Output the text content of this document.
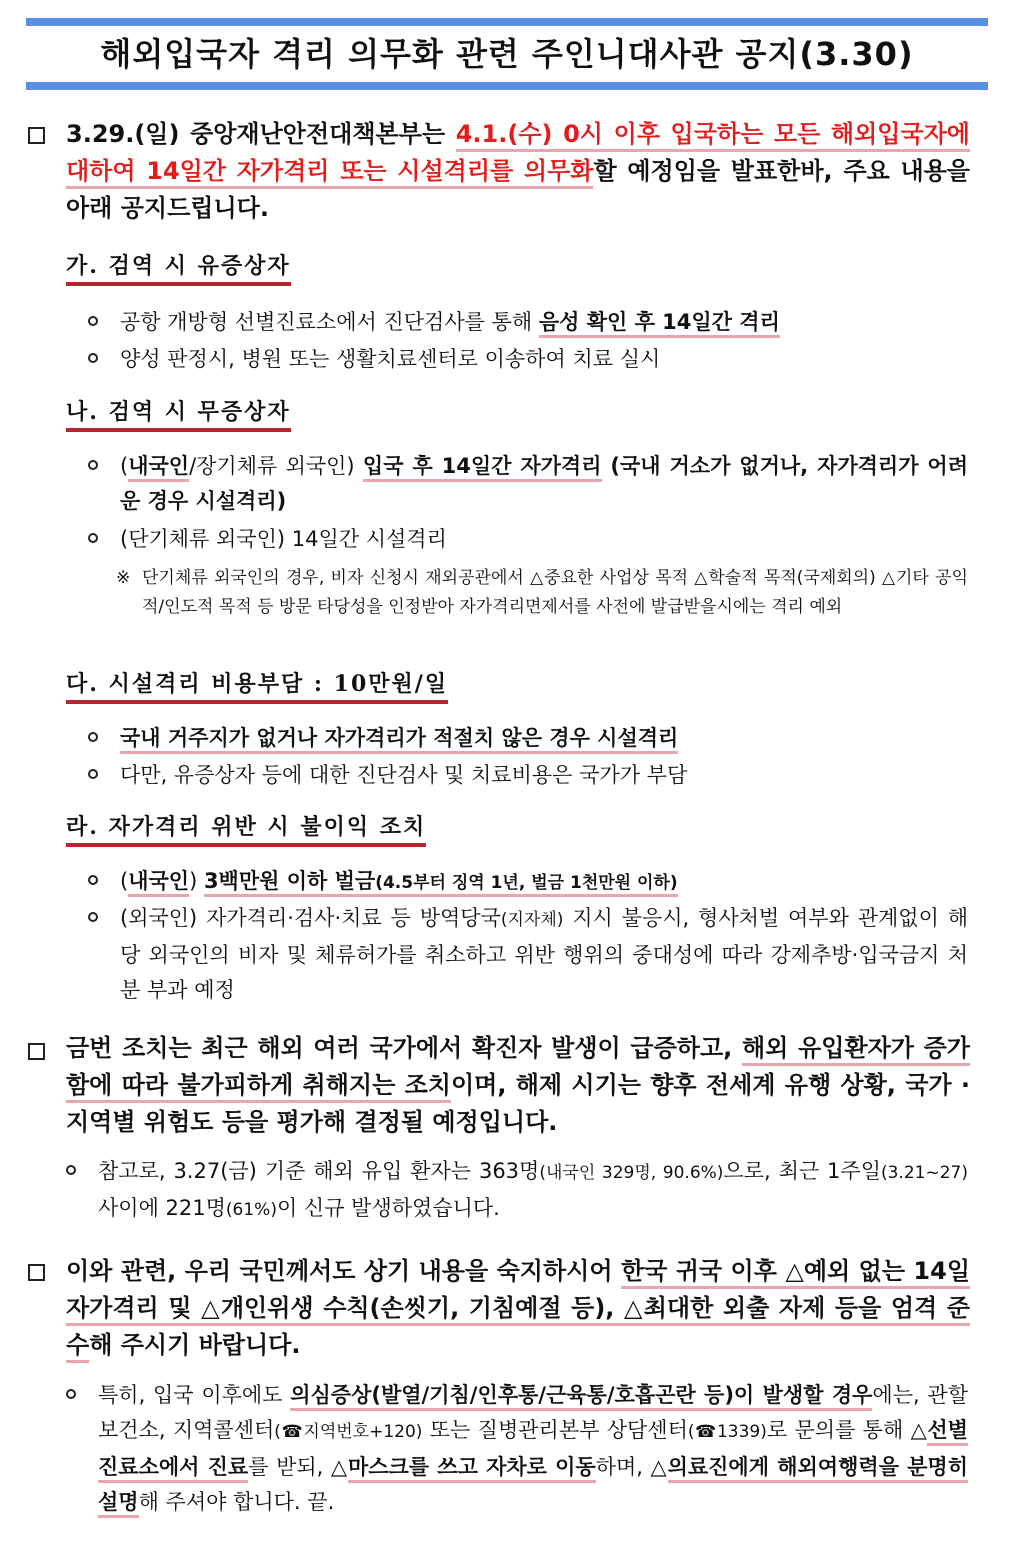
해외입국자 격리 의무화 관련 주인니대사관 공지(3.30)
3.29.(일) 중앙재난안전대책본부는 4.1.(수) 0시 이후 입국하는 모든 해외입국자에 대하여 14일간 자가격리 또는 시설격리를 의무화할 예정임을 발표한바, 주요 내용을 아래 공지드립니다.
가. 검역 시 유증상자
공항 개방형 선별진료소에서 진단검사를 통해 음성 확인 후 14일간 격리
양성 판정시, 병원 또는 생활치료센터로 이송하여 치료 실시
나. 검역 시 무증상자
(내국인/장기체류 외국인) 입국 후 14일간 자가격리 (국내 거소가 없거나, 자가격리가 어려운 경우 시설격리)
(단기체류 외국인) 14일간 시설격리
※ 단기체류 외국인의 경우, 비자 신청시 재외공관에서 △중요한 사업상 목적 △학술적 목적(국제회의) △기타 공익적/인도적 목적 등 방문 타당성을 인정받아 자가격리면제서를 사전에 발급받을시에는 격리 예외
다. 시설격리 비용부담 : 10만원/일
국내 거주지가 없거나 자가격리가 적절치 않은 경우 시설격리
다만, 유증상자 등에 대한 진단검사 및 치료비용은 국가가 부담
라. 자가격리 위반 시 불이익 조치
(내국인) 3백만원 이하 벌금(4.5부터 징역 1년, 벌금 1천만원 이하)
(외국인) 자가격리·검사·치료 등 방역당국(지자체) 지시 불응시, 형사처벌 여부와 관계없이 해당 외국인의 비자 및 체류허가를 취소하고 위반 행위의 중대성에 따라 강제추방·입국금지 처분 부과 예정
금번 조치는 최근 해외 여러 국가에서 확진자 발생이 급증하고, 해외 유입환자가 증가함에 따라 불가피하게 취해지는 조치이며, 해제 시기는 향후 전세계 유행 상황, 국가 · 지역별 위험도 등을 평가해 결정될 예정입니다.
참고로, 3.27(금) 기준 해외 유입 환자는 363명(내국인 329명, 90.6%)으로, 최근 1주일(3.21~27) 사이에 221명(61%)이 신규 발생하였습니다.
이와 관련, 우리 국민께서도 상기 내용을 숙지하시어 한국 귀국 이후 △예외 없는 14일 자가격리 및 △개인위생 수칙(손씻기, 기침예절 등), △최대한 외출 자제 등을 엄격 준수해 주시기 바랍니다.
특히, 입국 이후에도 의심증상(발열/기침/인후통/근육통/호흡곤란 등)이 발생할 경우에는, 관할 보건소, 지역콜센터(☎지역번호+120) 또는 질병관리본부 상담센터(☎1339)로 문의를 통해 △선별진료소에서 진료를 받되, △마스크를 쓰고 자차로 이동하며, △의료진에게 해외여행력을 분명히 설명해 주셔야 합니다. 끝.
